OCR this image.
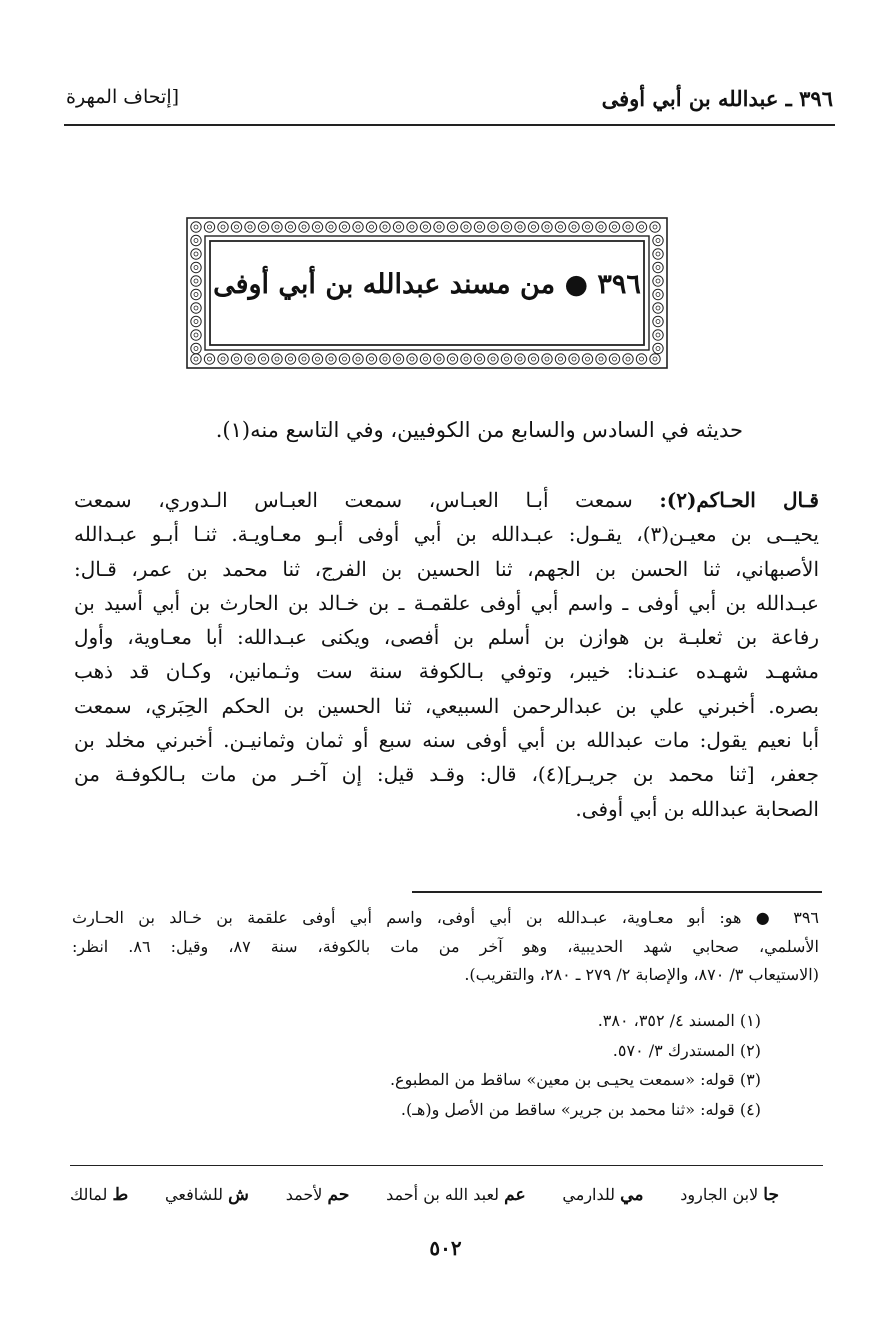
٣٩٦ ـ عبدالله بن أبي أوفى
[إتحاف المهرة
٣٩٦ ● من مسند عبدالله بن أبي أوفى
حديثه في السادس والسابع من الكوفيين، وفي التاسع منه(١).
قـال الحـاكم(٢): سمعت أبـا العبـاس، سمعت العبـاس الـدوري، سمعت
يحيــى بن معيـن(٣)، يقـول: عبـدالله بن أبي أوفى أبـو معـاويـة. ثنـا أبـو عبـدالله
الأصبهاني، ثنا الحسن بن الجهم، ثنا الحسين بن الفرج، ثنا محمد بن عمر، قـال:
عبـدالله بن أبي أوفى ـ واسم أبي أوفى علقمـة ـ بن خـالد بن الحارث بن أبي أسيد بن
رفاعة بن ثعلبـة بن هوازن بن أسلم بن أفصى، ويكنى عبـدالله: أبا معـاوية، وأول
مشهـد شهـده عنـدنا: خيبر، وتوفي بـالكوفة سنة ست وثـمانين، وكـان قد ذهب
بصره. أخبرني علي بن عبدالرحمن السبيعي، ثنا الحسين بن الحكم الحِبَري، سمعت
أبا نعيم يقول: مات عبدالله بن أبي أوفى سنه سبع أو ثمان وثمانيـن. أخبرني مخلد بن
جعفر، [ثنا محمد بن جريـر](٤)، قال: وقـد قيل: إن آخـر من مات بـالكوفـة من
الصحابة عبدالله بن أبي أوفى.
٣٩٦ ● هو: أبو معـاوية، عبـدالله بن أبي أوفى، واسم أبي أوفى علقمة بن خـالد بن الحـارث
الأسلمي، صحابي شهد الحديبية، وهو آخر من مات بالكوفة، سنة ٨٧، وقيل: ٨٦. انظر:
(الاستيعاب ٣/ ٨٧٠، والإصابة ٢/ ٢٧٩ ـ ٢٨٠، والتقريب).
(١) المسند ٤/ ٣٥٢، ٣٨٠.
(٢) المستدرك ٣/ ٥٧٠.
(٣) قوله: «سمعت يحيـى بن معين» ساقط من المطبوع.
(٤) قوله: «ثنا محمد بن جرير» ساقط من الأصل و(هـ).
ط لمالك	ش للشافعي	حم لأحمد	عم لعبد الله بن أحمد	مي للدارمي	جا لابن الجارود
٥٠٢
